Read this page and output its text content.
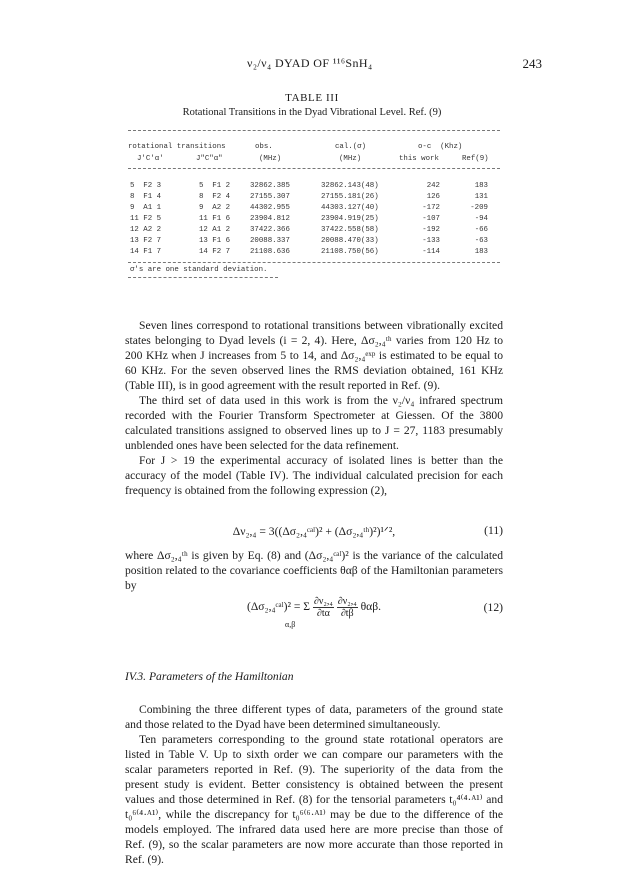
ν₂/ν₄ DYAD OF ¹¹⁶SnH₄	243
TABLE III
Rotational Transitions in the Dyad Vibrational Level. Ref. (9)
rotational transitions	obs.	cal.(σ)	o-c  (Khz)
J'C'α'	J"C"α"	(MHz)	(MHz)	this work	Ref(9)
5  F2 3	5  F1 2	32862.385	32862.143(48)	242	183
8  F1 4	8  F2 4	27155.307	27155.181(26)	126	131
9  A1 1	9  A2 2	44302.955	44303.127(40)	-172	-209
11 F2 5	11 F1 6	23904.812	23904.919(25)	-107	-94
12 A2 2	12 A1 2	37422.366	37422.558(58)	-192	-66
13 F2 7	13 F1 6	20088.337	20088.470(33)	-133	-63
14 F1 7	14 F2 7	21108.636	21108.750(56)	-114	183
σ's are one standard deviation.

Seven lines correspond to rotational transitions between vibrationally excited states belonging to Dyad levels (i = 2, 4). Here, Δσ₂,₄ᵗʰ varies from 120 Hz to 200 KHz when J increases from 5 to 14, and Δσ₂,₄ᵉˣᵖ is estimated to be equal to 60 KHz. For the seven observed lines the RMS deviation obtained, 161 KHz (Table III), is in good agreement with the result reported in Ref. (9).

The third set of data used in this work is from the ν₂/ν₄ infrared spectrum recorded with the Fourier Transform Spectrometer at Giessen. Of the 3800 calculated transitions assigned to observed lines up to J = 27, 1183 presumably unblended ones have been selected for the data refinement.

For J > 19 the experimental accuracy of isolated lines is better than the accuracy of the model (Table IV). The individual calculated precision for each frequency is obtained from the following expression (2),

Δν₂,₄ = 3((Δσ₂,₄ᶜᵃˡ)² + (Δσ₂,₄ᵗʰ)²)¹ᐟ²,	(11)

where Δσ₂,₄ᵗʰ is given by Eq. (8) and (Δσ₂,₄ᶜᵃˡ)² is the variance of the calculated position related to the covariance coefficients θαβ of the Hamiltonian parameters by

(Δσ₂,₄ᶜᵃˡ)² = Σ $\frac{\text{∂ν₂,₄}}{\partial t\alpha}$
$\frac{\text{∂ν₂,₄}}{\partial t\beta} \theta\alpha\beta$.
α,β
(12)
IV.3. Parameters of the Hamiltonian

Combining the three different types of data, parameters of the ground state and those related to the Dyad have been determined simultaneously.

Ten parameters corresponding to the ground state rotational operators are listed in Table V. Up to sixth order we can compare our parameters with the scalar parameters reported in Ref. (9). The superiority of the data from the present study is evident. Better consistency is obtained between the present values and those determined in Ref. (8) for the tensorial parameters t₀⁴⁽⁴·ᴬ¹⁾ and t₀⁶⁽⁴·ᴬ¹⁾, while the discrepancy for t₀⁶⁽⁶·ᴬ¹⁾ may be due to the difference of the models employed. The infrared data used here are more precise than those of Ref. (9), so the scalar parameters are now more accurate than those reported in Ref. (9).
